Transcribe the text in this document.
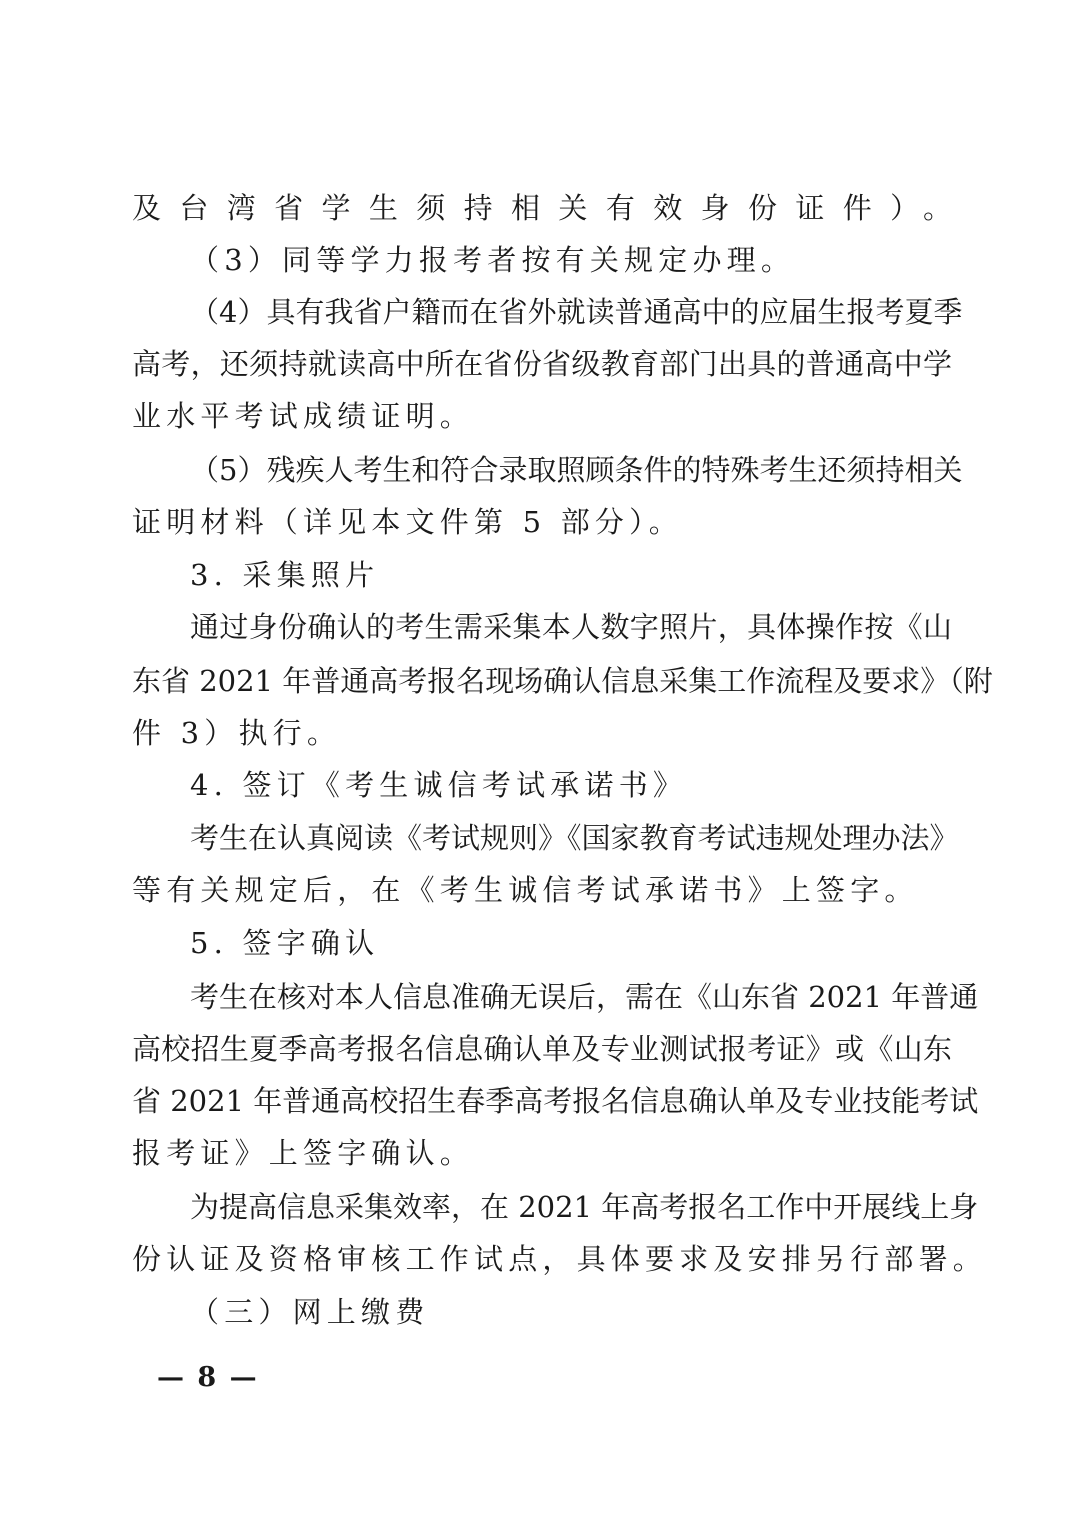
及台湾省学生须持相关有效身份证件）。
（3）同等学力报考者按有关规定办理。
（4）具有我省户籍而在省外就读普通高中的应届生报考夏季
高考，还须持就读高中所在省份省级教育部门出具的普通高中学
业水平考试成绩证明。
（5）残疾人考生和符合录取照顾条件的特殊考生还须持相关
证明材料（详见本文件第 5 部分）。
3. 采集照片
通过身份确认的考生需采集本人数字照片，具体操作按《山
东省 2021 年普通高考报名现场确认信息采集工作流程及要求》（附
件 3）执行。
4. 签订《考生诚信考试承诺书》
考生在认真阅读《考试规则》《国家教育考试违规处理办法》
等有关规定后，在《考生诚信考试承诺书》上签字。
5. 签字确认
考生在核对本人信息准确无误后，需在《山东省 2021 年普通
高校招生夏季高考报名信息确认单及专业测试报考证》或《山东
省 2021 年普通高校招生春季高考报名信息确认单及专业技能考试
报考证》上签字确认。
为提高信息采集效率，在 2021 年高考报名工作中开展线上身
份认证及资格审核工作试点，具体要求及安排另行部署。
（三）网上缴费
— 8 —
